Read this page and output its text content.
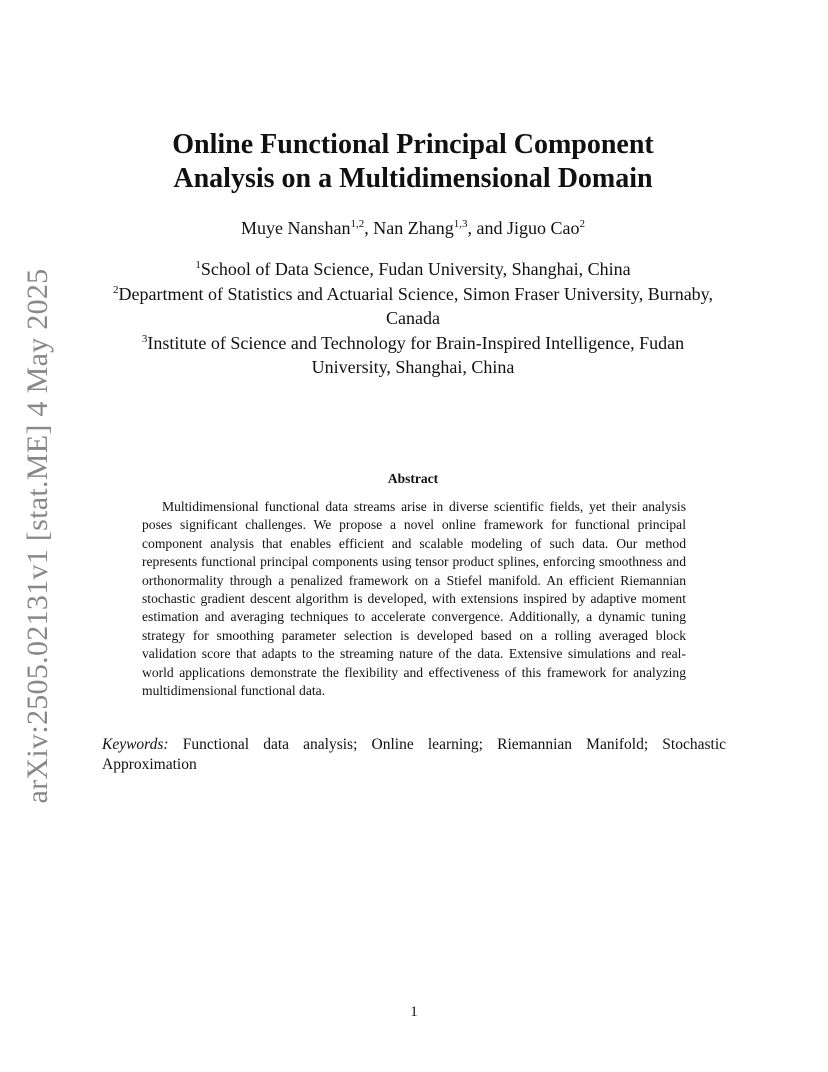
arXiv:2505.02131v1 [stat.ME] 4 May 2025
Online Functional Principal Component
Analysis on a Multidimensional Domain
Muye Nanshan$^{1,2}$, Nan Zhang$^{1,3}$, and Jiguo Cao$^2$
$^1$School of Data Science, Fudan University, Shanghai, China
$^2$Department of Statistics and Actuarial Science, Simon Fraser University, Burnaby, Canada
$^3$Institute of Science and Technology for Brain-Inspired Intelligence, Fudan University, Shanghai, China
Abstract
Multidimensional functional data streams arise in diverse scientific fields, yet their analysis poses significant challenges. We propose a novel online framework for functional principal component analysis that enables efficient and scalable modeling of such data. Our method represents functional principal components using tensor product splines, enforcing smoothness and orthonormality through a penalized framework on a Stiefel manifold. An efficient Riemannian stochastic gradient descent algorithm is developed, with extensions inspired by adaptive moment estimation and averaging techniques to accelerate convergence. Additionally, a dynamic tuning strategy for smoothing parameter selection is developed based on a rolling averaged block validation score that adapts to the streaming nature of the data. Extensive simulations and real-world applications demonstrate the flexibility and effectiveness of this framework for analyzing multidimensional functional data.
Keywords: Functional data analysis; Online learning; Riemannian Manifold; Stochastic Approximation
1
